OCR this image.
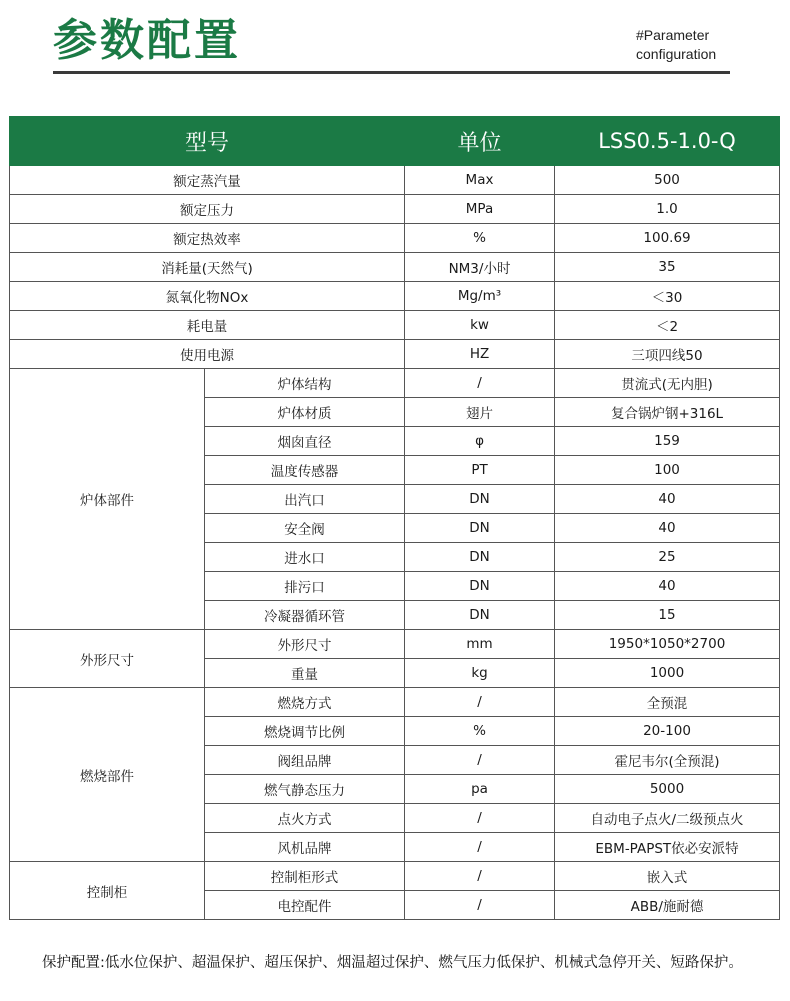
参数配置	#Parameter
configuration
型号		单位	LSS0.5-1.0-Q
额定蒸汽量		Max	500
额定压力		MPa	1.0
额定热效率		%	100.69
消耗量(天然气)		NM3/小时	35
氮氧化物NOx		Mg/m³	＜30
耗电量		kw	＜2
使用电源		HZ	三项四线50
炉体部件	炉体结构	/	贯流式(无内胆)
	炉体材质	翅片	复合锅炉钢+316L
	烟囱直径	φ	159
	温度传感器	PT	100
	出汽口	DN	40
	安全阀	DN	40
	进水口	DN	25
	排污口	DN	40
	冷凝器循环管	DN	15
外形尺寸	外形尺寸	mm	1950*1050*2700
	重量	kg	1000
燃烧部件	燃烧方式	/	全预混
	燃烧调节比例	%	20-100
	阀组品牌	/	霍尼韦尔(全预混)
	燃气静态压力	pa	5000
	点火方式	/	自动电子点火/二级预点火
	风机品牌	/	EBM-PAPST依必安派特
控制柜	控制柜形式	/	嵌入式
	电控配件	/	ABB/施耐德
保护配置:低水位保护、超温保护、超压保护、烟温超过保护、燃气压力低保护、机械式急停开关、短路保护。
